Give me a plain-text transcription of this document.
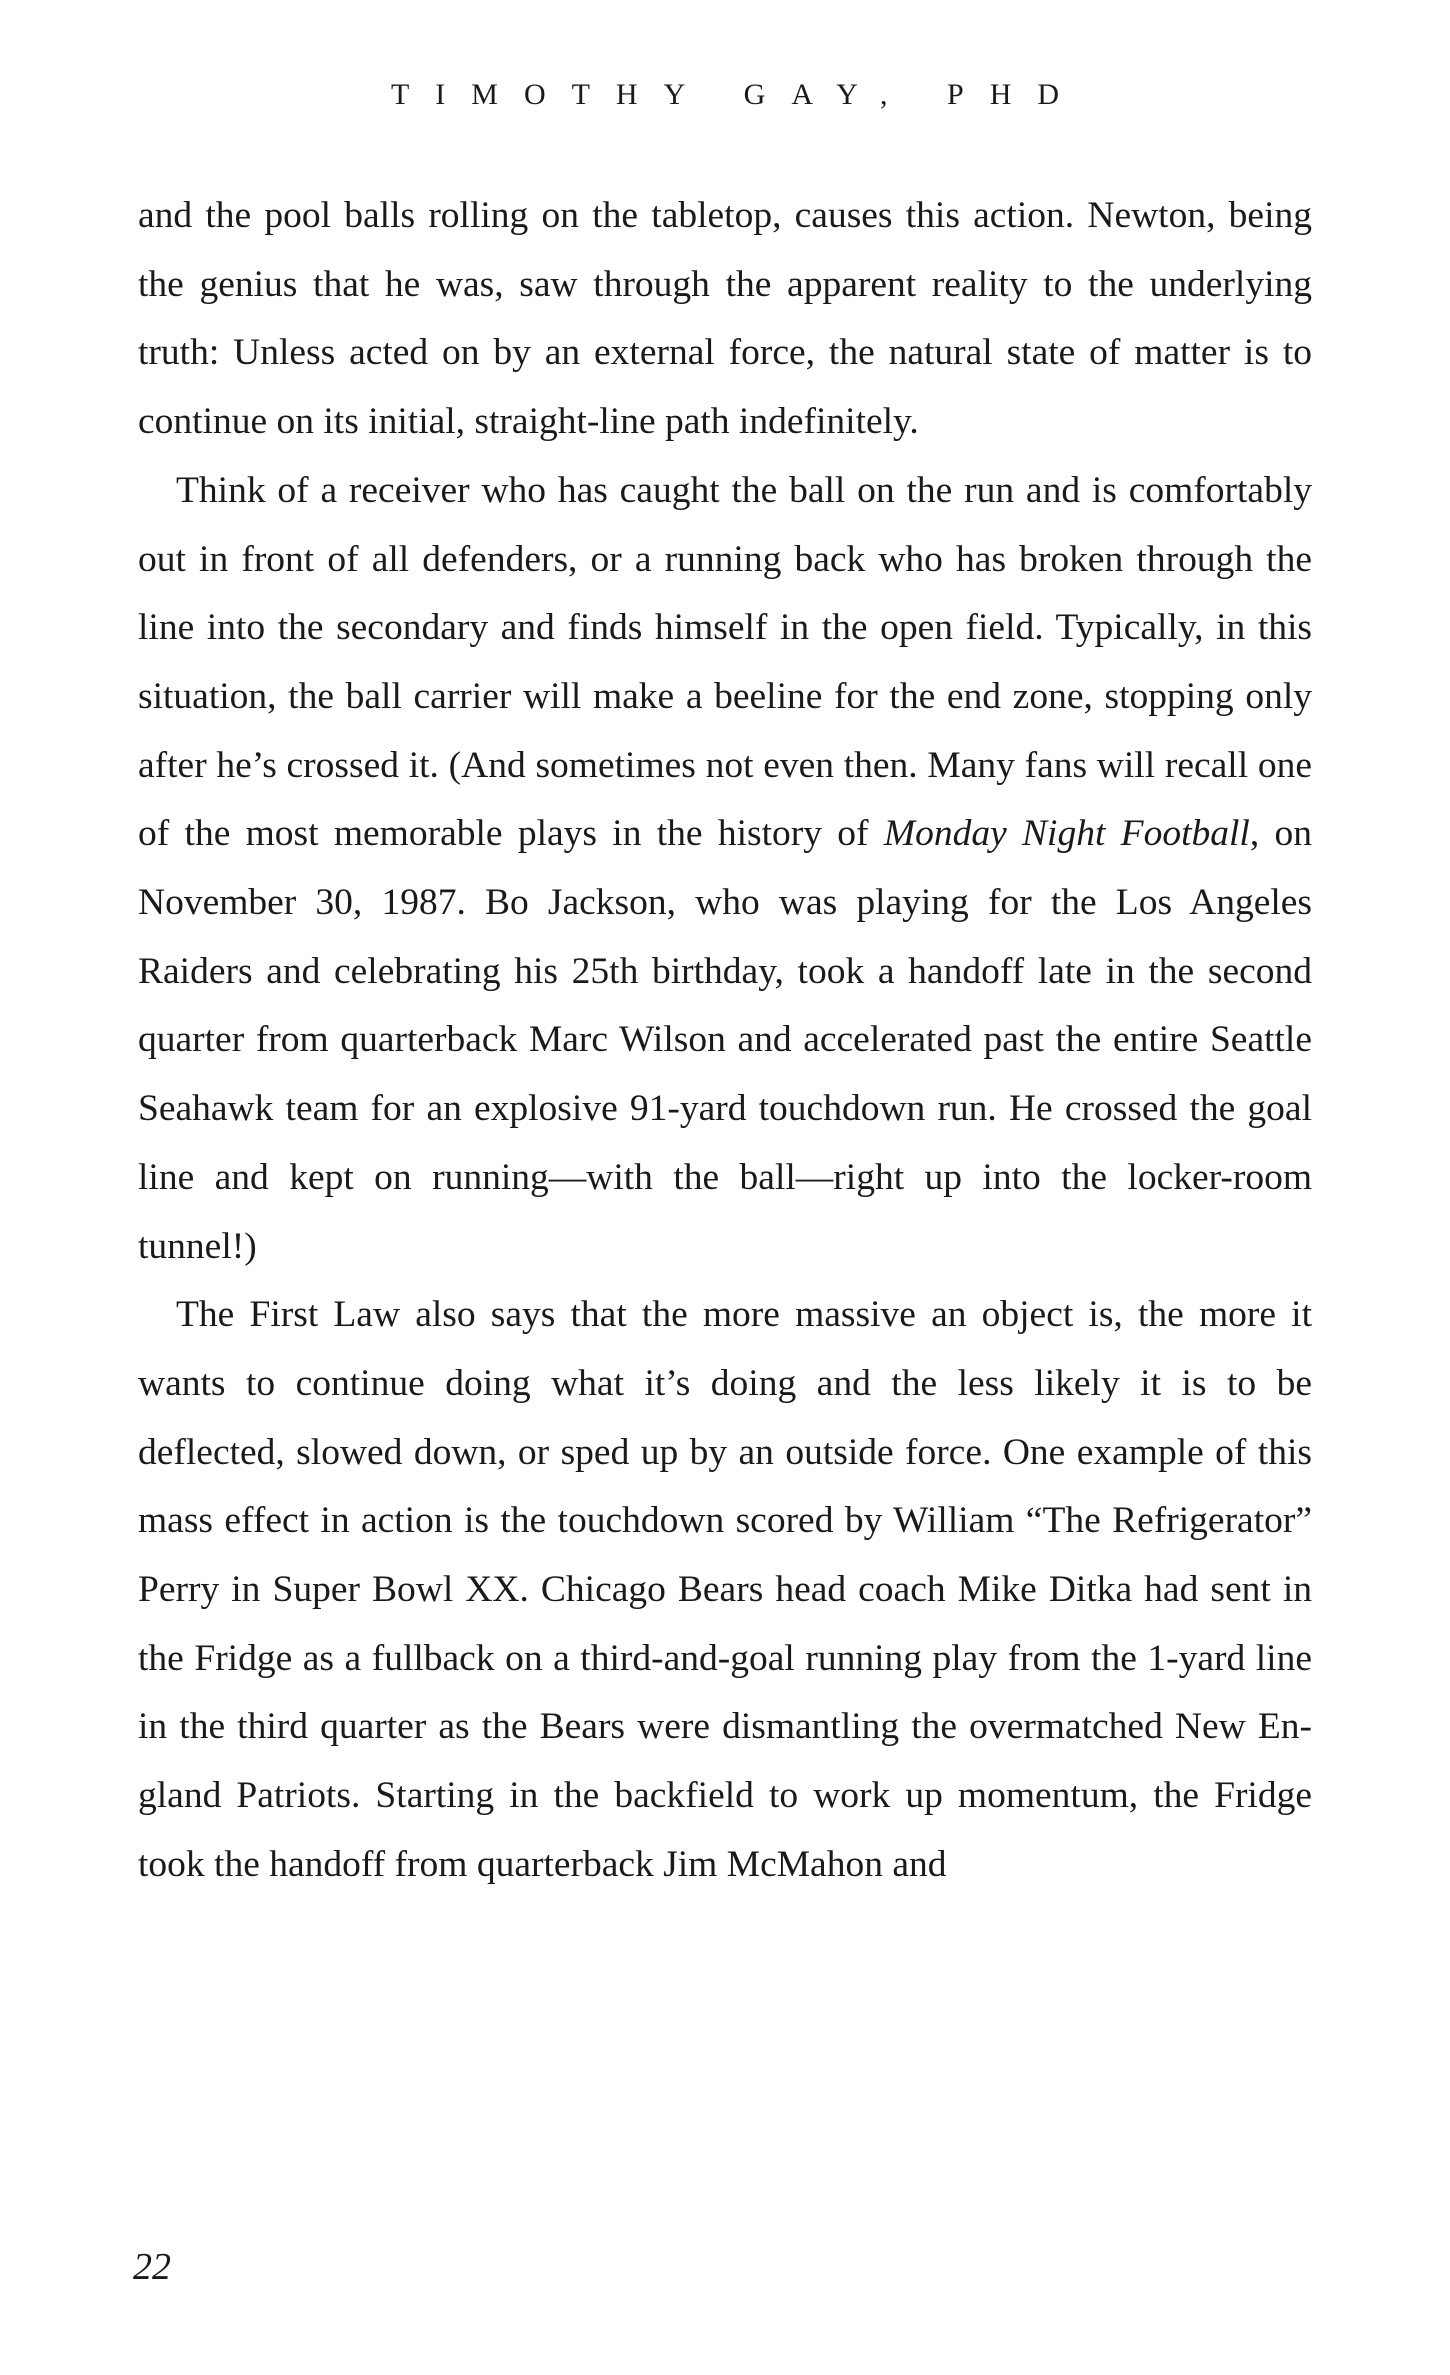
TIMOTHY GAY, PHD

and the pool balls rolling on the tabletop, causes this action. Newton, being the genius that he was, saw through the apparent reality to the underlying truth: Unless acted on by an external force, the natural state of matter is to continue on its initial, straight-line path indefinitely.

Think of a receiver who has caught the ball on the run and is comfortably out in front of all defenders, or a running back who has broken through the line into the secondary and finds himself in the open field. Typically, in this situation, the ball carrier will make a beeline for the end zone, stopping only after he’s crossed it. (And sometimes not even then. Many fans will recall one of the most memorable plays in the history of Monday Night Football, on November 30, 1987. Bo Jackson, who was playing for the Los Angeles Raiders and celebrating his 25th birthday, took a handoff late in the second quarter from quarterback Marc Wilson and accelerated past the entire Seattle Seahawk team for an explosive 91-yard touchdown run. He crossed the goal line and kept on running—with the ball—right up into the locker-room tunnel!)

The First Law also says that the more massive an object is, the more it wants to continue doing what it’s doing and the less likely it is to be deflected, slowed down, or sped up by an outside force. One example of this mass effect in action is the touchdown scored by William “The Refrigerator” Perry in Super Bowl XX. Chicago Bears head coach Mike Ditka had sent in the Fridge as a fullback on a third-and-goal running play from the 1-yard line in the third quarter as the Bears were dismantling the overmatched New England Patriots. Starting in the backfield to work up momentum, the Fridge took the handoff from quarterback Jim McMahon and

22
